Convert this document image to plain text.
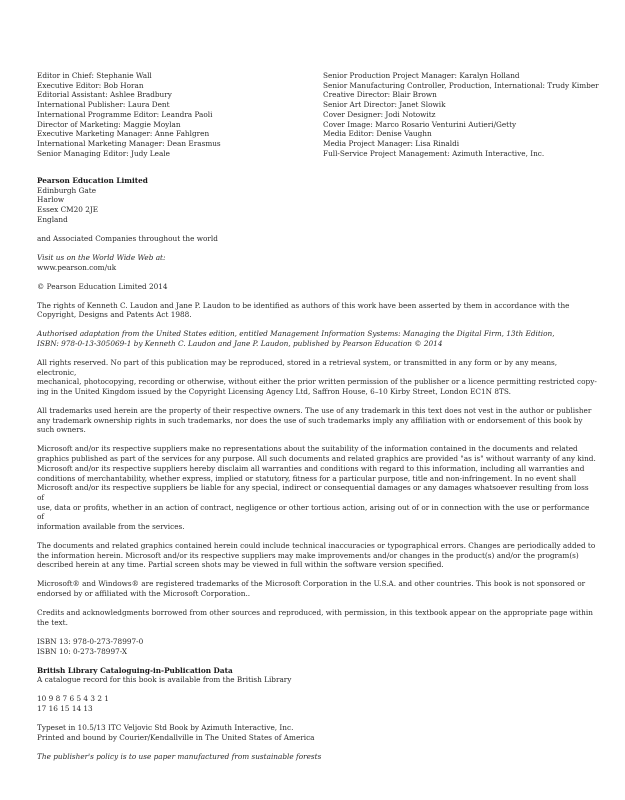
Editor in Chief: Stephanie Wall
Executive Editor: Bob Horan
Editorial Assistant: Ashlee Bradbury
International Publisher: Laura Dent
International Programme Editor: Leandra Paoli
Director of Marketing: Maggie Moylan
Executive Marketing Manager: Anne Fahlgren
International Marketing Manager: Dean Erasmus
Senior Managing Editor: Judy Leale
Senior Production Project Manager: Karalyn Holland
Senior Manufacturing Controller, Production, International: Trudy Kimber
Creative Director: Blair Brown
Senior Art Director: Janet Slowik
Cover Designer: Jodi Notowitz
Cover Image: Marco Rosario Venturini Autieri/Getty
Media Editor: Denise Vaughn
Media Project Manager: Lisa Rinaldi
Full-Service Project Management: Azimuth Interactive, Inc.

Pearson Education Limited
Edinburgh Gate
Harlow
Essex CM20 2JE
England

and Associated Companies throughout the world

Visit us on the World Wide Web at:
www.pearson.com/uk

© Pearson Education Limited 2014

The rights of Kenneth C. Laudon and Jane P. Laudon to be identified as authors of this work have been asserted by them in accordance with the
Copyright, Designs and Patents Act 1988.

Authorised adaptation from the United States edition, entitled Management Information Systems: Managing the Digital Firm, 13th Edition,
ISBN: 978-0-13-305069-1 by Kenneth C. Laudon and Jane P. Laudon, published by Pearson Education © 2014

All rights reserved. No part of this publication may be reproduced, stored in a retrieval system, or transmitted in any form or by any means, electronic,
mechanical, photocopying, recording or otherwise, without either the prior written permission of the publisher or a licence permitting restricted copy-
ing in the United Kingdom issued by the Copyright Licensing Agency Ltd, Saffron House, 6–10 Kirby Street, London EC1N 8TS.

All trademarks used herein are the property of their respective owners. The use of any trademark in this text does not vest in the author or publisher
any trademark ownership rights in such trademarks, nor does the use of such trademarks imply any affiliation with or endorsement of this book by
such owners.

Microsoft and/or its respective suppliers make no representations about the suitability of the information contained in the documents and related
graphics published as part of the services for any purpose. All such documents and related graphics are provided "as is" without warranty of any kind.
Microsoft and/or its respective suppliers hereby disclaim all warranties and conditions with regard to this information, including all warranties and
conditions of merchantability, whether express, implied or statutory, fitness for a particular purpose, title and non-infringement. In no event shall
Microsoft and/or its respective suppliers be liable for any special, indirect or consequential damages or any damages whatsoever resulting from loss of
use, data or profits, whether in an action of contract, negligence or other tortious action, arising out of or in connection with the use or performance of
information available from the services.

The documents and related graphics contained herein could include technical inaccuracies or typographical errors. Changes are periodically added to
the information herein. Microsoft and/or its respective suppliers may make improvements and/or changes in the product(s) and/or the program(s)
described herein at any time. Partial screen shots may be viewed in full within the software version specified.

Microsoft® and Windows® are registered trademarks of the Microsoft Corporation in the U.S.A. and other countries. This book is not sponsored or
endorsed by or affiliated with the Microsoft Corporation..

Credits and acknowledgments borrowed from other sources and reproduced, with permission, in this textbook appear on the appropriate page within
the text.

ISBN 13: 978-0-273-78997-0
ISBN 10: 0-273-78997-X

British Library Cataloguing-in-Publication Data
A catalogue record for this book is available from the British Library

10 9 8 7 6 5 4 3 2 1
17 16 15 14 13

Typeset in 10.5/13 ITC Veljovic Std Book by Azimuth Interactive, Inc.
Printed and bound by Courier/Kendallville in The United States of America

The publisher's policy is to use paper manufactured from sustainable forests
